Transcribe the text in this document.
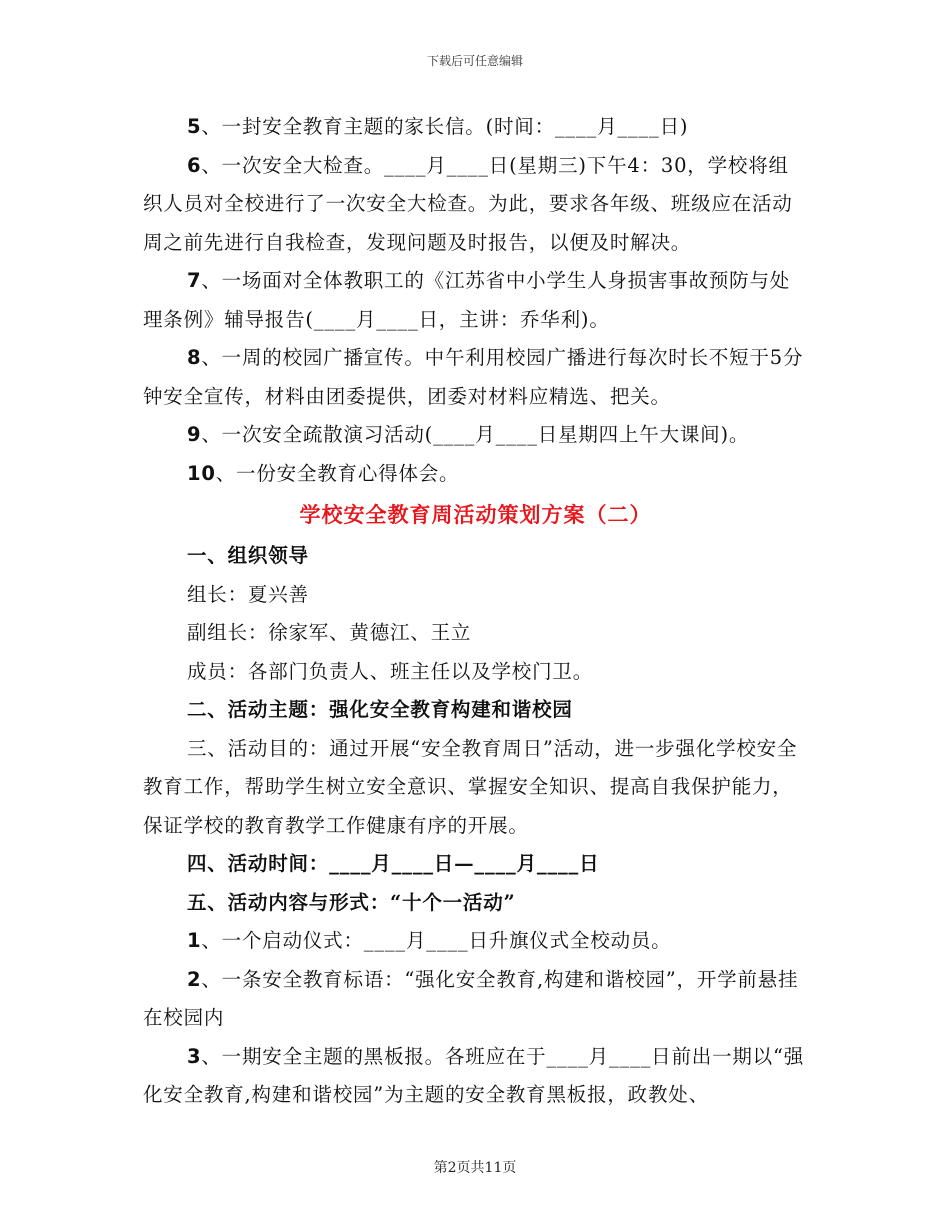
下载后可任意编辑

5、一封安全教育主题的家长信。(时间：____月____日)

6、一次安全大检查。____月____日(星期三)下午4：30，学校将组织人员对全校进行了一次安全大检查。为此，要求各年级、班级应在活动周之前先进行自我检查，发现问题及时报告，以便及时解决。

7、一场面对全体教职工的《江苏省中小学生人身损害事故预防与处理条例》辅导报告(____月____日，主讲：乔华利)。

8、一周的校园广播宣传。中午利用校园广播进行每次时长不短于5分钟安全宣传，材料由团委提供，团委对材料应精选、把关。

9、一次安全疏散演习活动(____月____日星期四上午大课间)。

10、一份安全教育心得体会。

学校安全教育周活动策划方案（二）

一、组织领导

组长：夏兴善

副组长：徐家军、黄德江、王立

成员：各部门负责人、班主任以及学校门卫。

二、活动主题：强化安全教育构建和谐校园

三、活动目的：通过开展“安全教育周日”活动，进一步强化学校安全教育工作，帮助学生树立安全意识、掌握安全知识、提高自我保护能力，保证学校的教育教学工作健康有序的开展。

四、活动时间：____月____日—____月____日

五、活动内容与形式：“十个一活动”

1、一个启动仪式：____月____日升旗仪式全校动员。

2、一条安全教育标语：“强化安全教育,构建和谐校园”，开学前悬挂在校园内

3、一期安全主题的黑板报。各班应在于____月____日前出一期以“强化安全教育,构建和谐校园”为主题的安全教育黑板报，政教处、

第2页共11页
